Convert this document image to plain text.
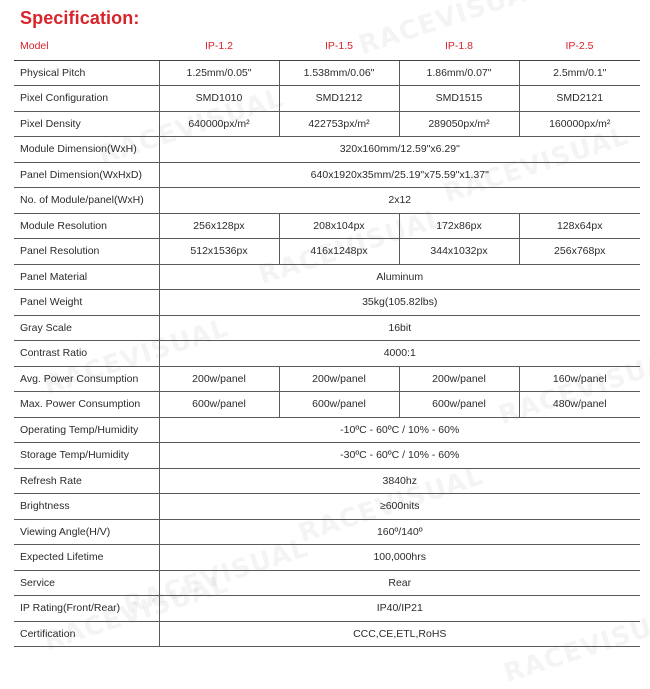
Specification:
Model	IP-1.2	IP-1.5	IP-1.8	IP-2.5
Physical Pitch	1.25mm/0.05"	1.538mm/0.06"	1.86mm/0.07"	2.5mm/0.1"
Pixel Configuration	SMD1010	SMD1212	SMD1515	SMD2121
Pixel Density	640000px/m²	422753px/m²	289050px/m²	160000px/m²
Module Dimension(WxH)	320x160mm/12.59"x6.29"			
Panel Dimension(WxHxD)	640x1920x35mm/25.19"x75.59"x1.37"			
No. of Module/panel(WxH)	2x12			
Module Resolution	256x128px	208x104px	172x86px	128x64px
Panel Resolution	512x1536px	416x1248px	344x1032px	256x768px
Panel Material	Aluminum			
Panel Weight	35kg(105.82lbs)			
Gray Scale	16bit			
Contrast Ratio	4000:1			
Avg. Power Consumption	200w/panel	200w/panel	200w/panel	160w/panel
Max. Power Consumption	600w/panel	600w/panel	600w/panel	480w/panel
Operating Temp/Humidity	-10ºC - 60ºC / 10% - 60%			
Storage Temp/Humidity	-30ºC - 60ºC / 10% - 60%			
Refresh Rate	3840hz			
Brightness	≥600nits			
Viewing Angle(H/V)	160º/140º			
Expected Lifetime	100,000hrs			
Service	Rear			
IP Rating(Front/Rear)	IP40/IP21			
Certification	CCC,CE,ETL,RoHS			
